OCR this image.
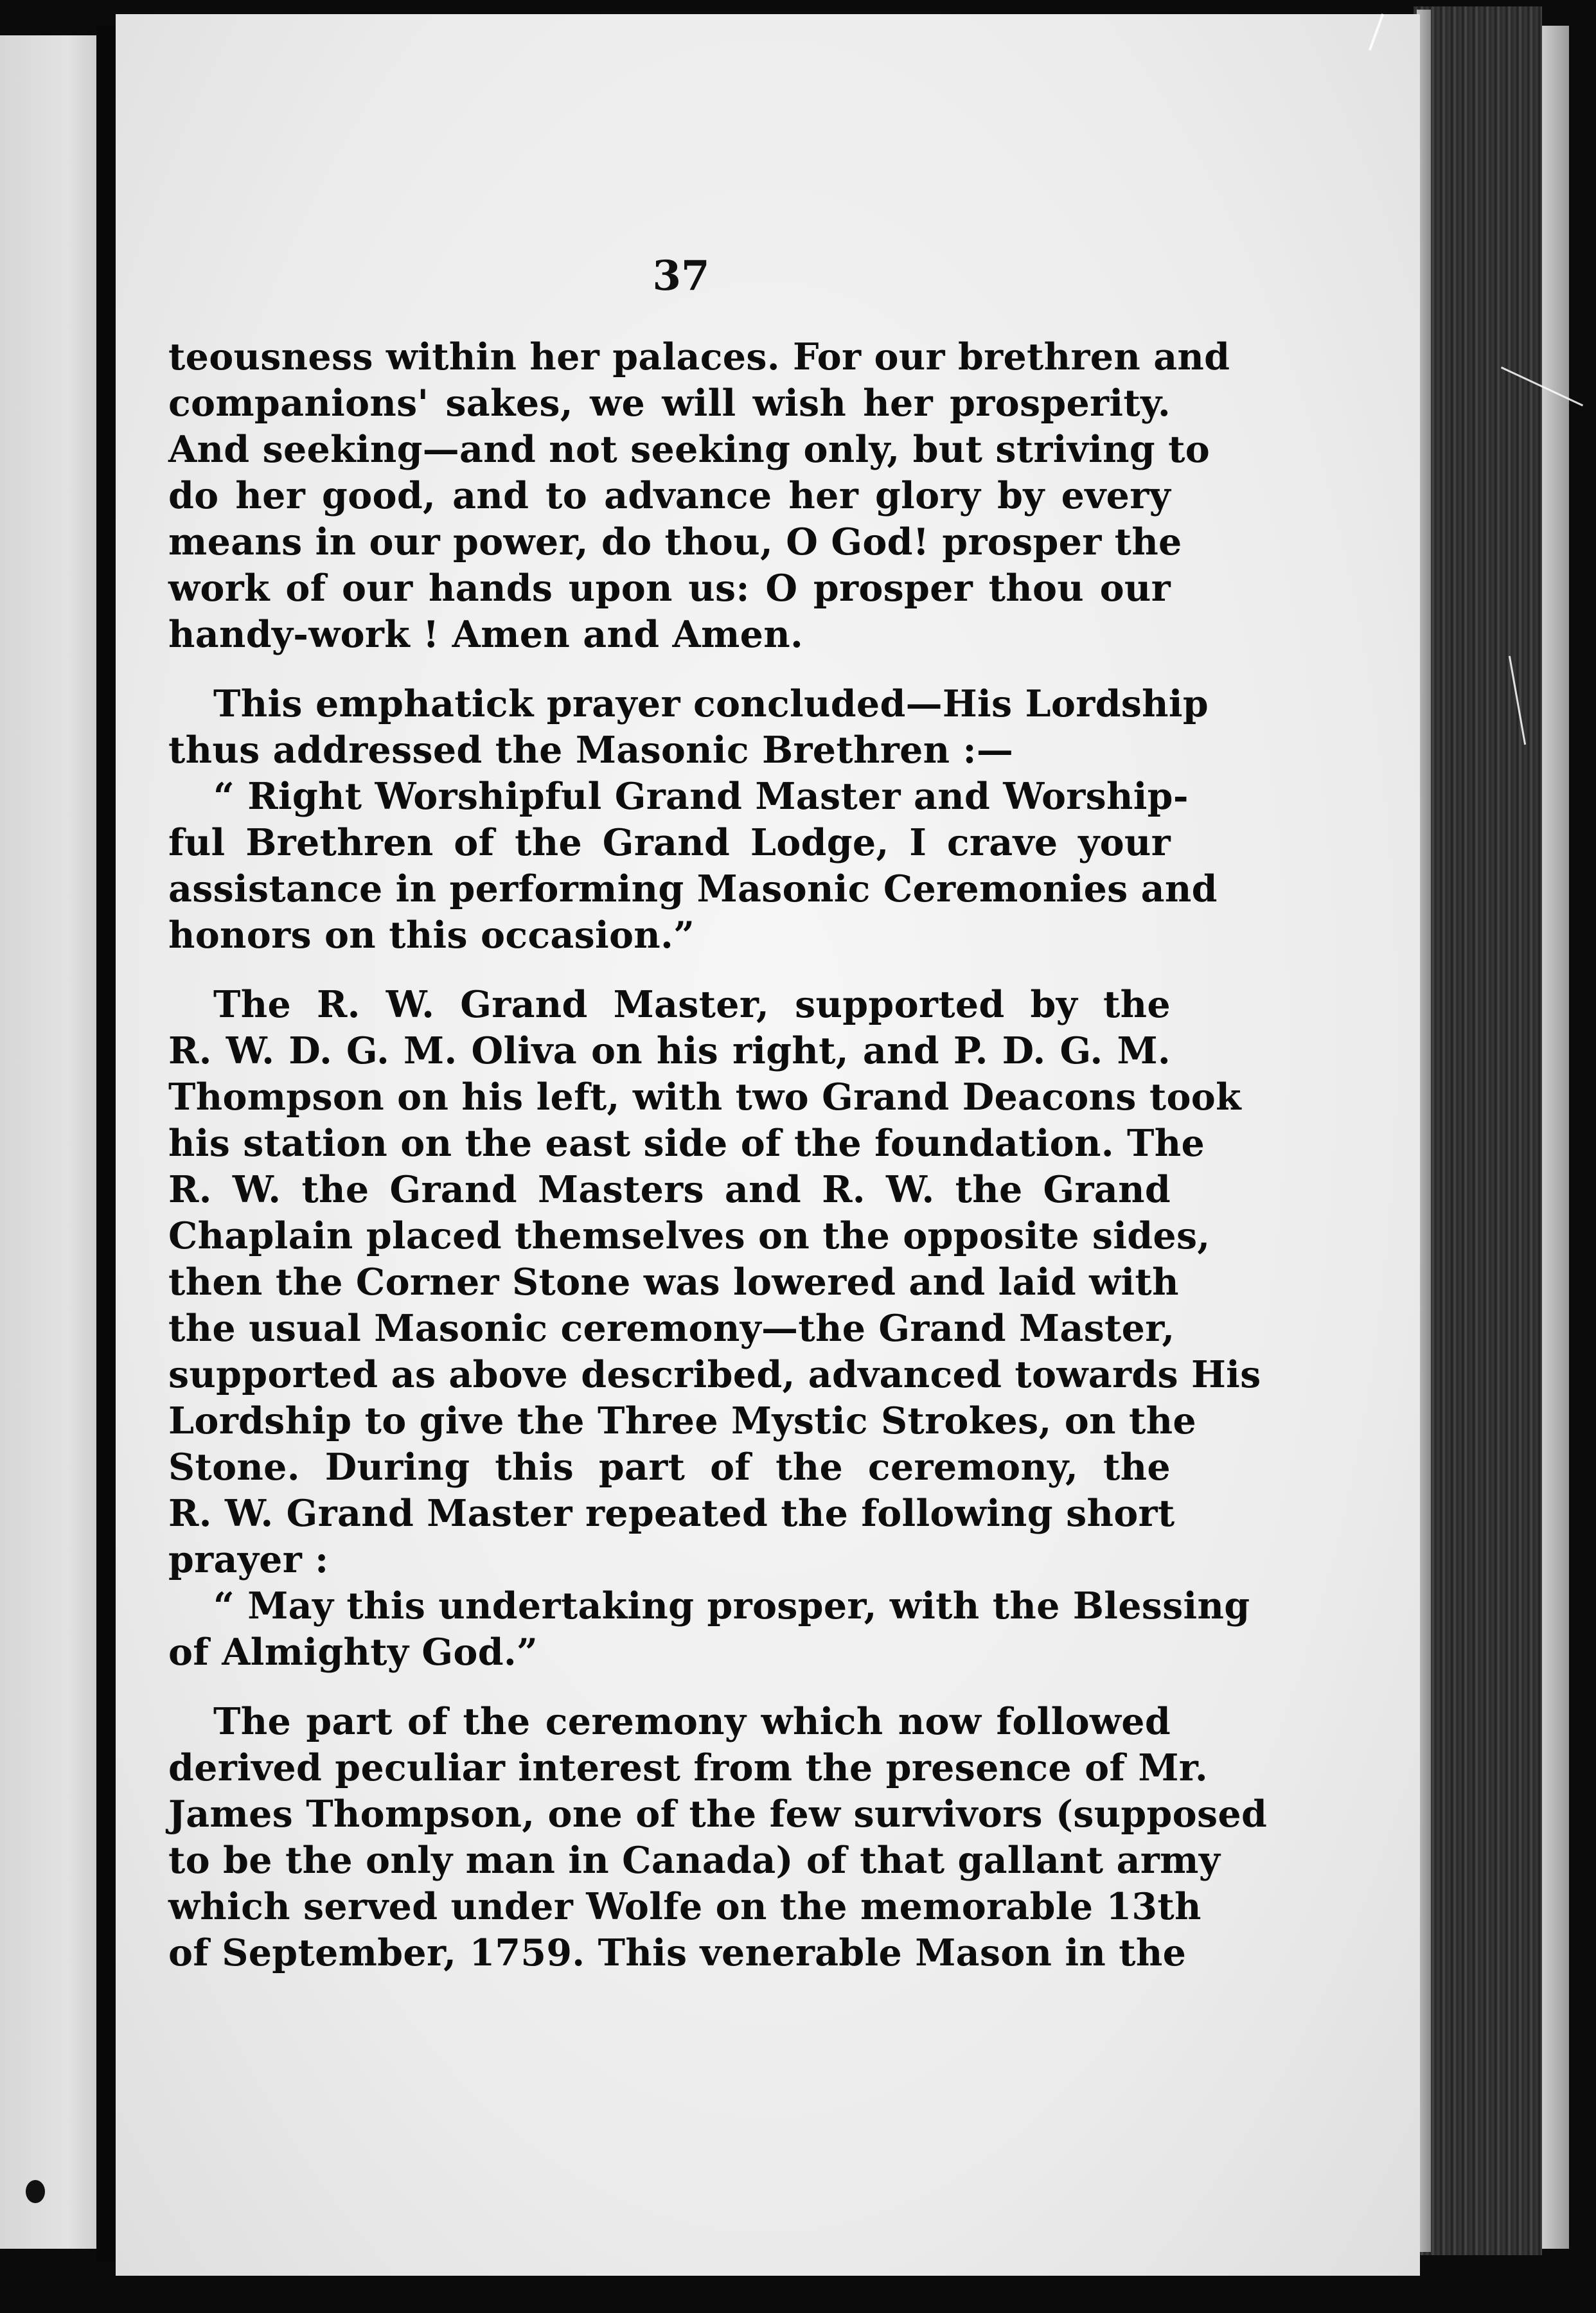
37
teousness within her palaces. For our brethren and
companions' sakes, we will wish her prosperity.
And seeking—and not seeking only, but striving to
do her good, and to advance her glory by every
means in our power, do thou, O God! prosper the
work of our hands upon us: O prosper thou our
handy-work ! Amen and Amen.
This emphatick prayer concluded—His Lordship
thus addressed the Masonic Brethren :—
“ Right Worshipful Grand Master and Worship-
ful Brethren of the Grand Lodge, I crave your
assistance in performing Masonic Ceremonies and
honors on this occasion.”
The R. W. Grand Master, supported by the
R. W. D. G. M. Oliva on his right, and P. D. G. M.
Thompson on his left, with two Grand Deacons took
his station on the east side of the foundation. The
R. W. the Grand Masters and R. W. the Grand
Chaplain placed themselves on the opposite sides,
then the Corner Stone was lowered and laid with
the usual Masonic ceremony—the Grand Master,
supported as above described, advanced towards His
Lordship to give the Three Mystic Strokes, on the
Stone. During this part of the ceremony, the
R. W. Grand Master repeated the following short
prayer :
“ May this undertaking prosper, with the Blessing
of Almighty God.”
The part of the ceremony which now followed
derived peculiar interest from the presence of Mr.
James Thompson, one of the few survivors (supposed
to be the only man in Canada) of that gallant army
which served under Wolfe on the memorable 13th
of September, 1759. This venerable Mason in the
